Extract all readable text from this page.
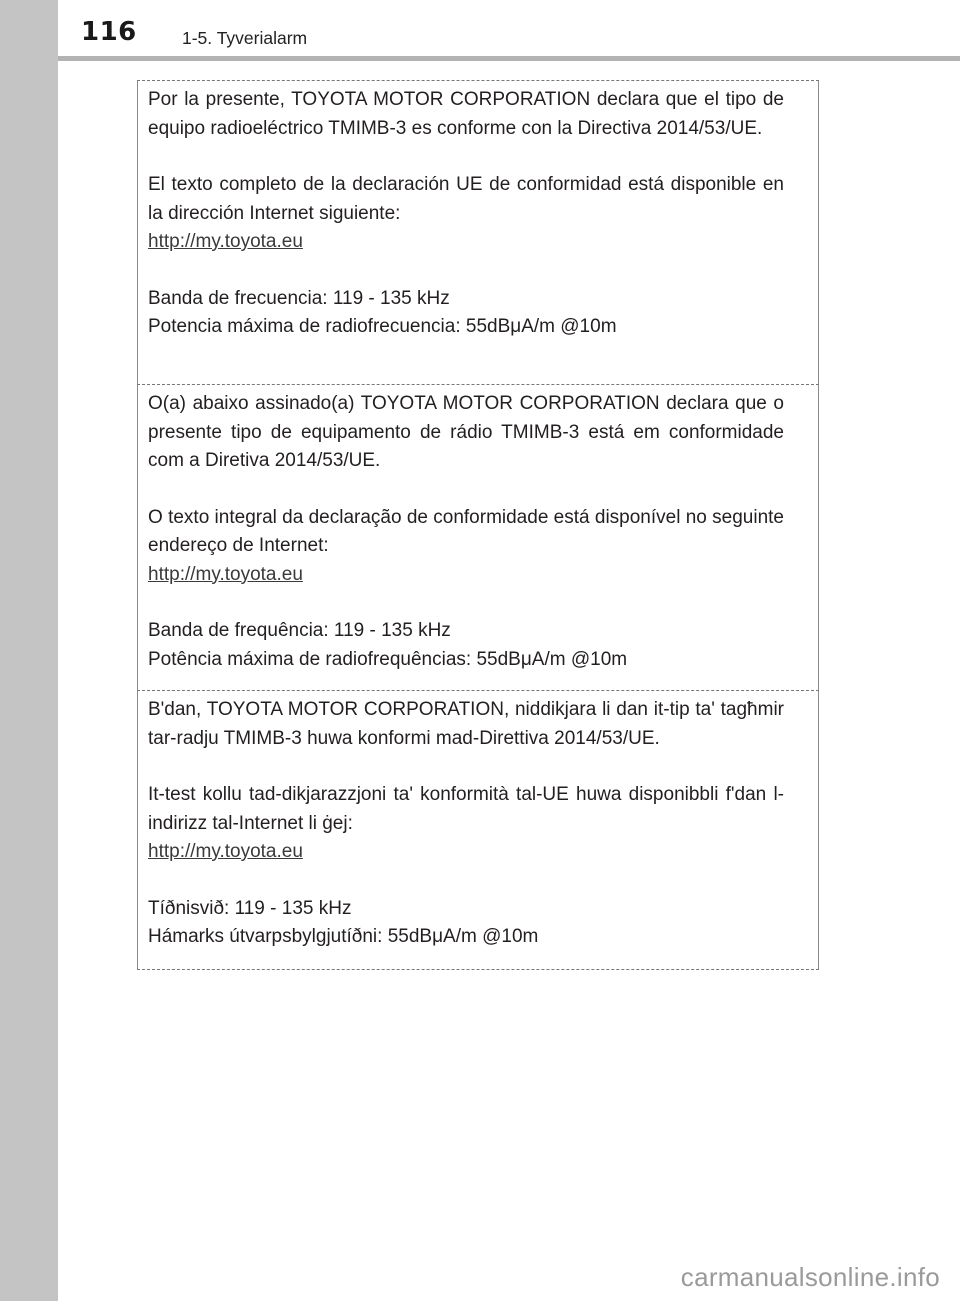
116	1-5. Tyverialarm

Por la presente, TOYOTA MOTOR CORPORATION declara que el tipo de equipo radioeléctrico TMIMB-3 es conforme con la Directiva 2014/53/UE.

El texto completo de la declaración UE de conformidad está disponible en la dirección Internet siguiente:

http://my.toyota.eu

Banda de frecuencia: 119 - 135 kHz

Potencia máxima de radiofrecuencia: 55dBμA/m @10m

O(a) abaixo assinado(a) TOYOTA MOTOR CORPORATION declara que o presente tipo de equipamento de rádio TMIMB-3 está em conformidade com a Diretiva 2014/53/UE.

O texto integral da declaração de conformidade está disponível no seguinte endereço de Internet:

http://my.toyota.eu

Banda de frequência: 119 - 135 kHz

Potência máxima de radiofrequências: 55dBμA/m @10m

B'dan, TOYOTA MOTOR CORPORATION, niddikjara li dan it-tip ta' tagħmir tar-radju TMIMB-3 huwa konformi mad-Direttiva 2014/53/UE.

It-test kollu tad-dikjarazzjoni ta' konformità tal-UE huwa disponibbli f'dan l-indirizz tal-Internet li ġej:

http://my.toyota.eu

Tíðnisvið: 119 - 135 kHz

Hámarks útvarpsbylgjutíðni: 55dBμA/m @10m

carmanualsonline.info
